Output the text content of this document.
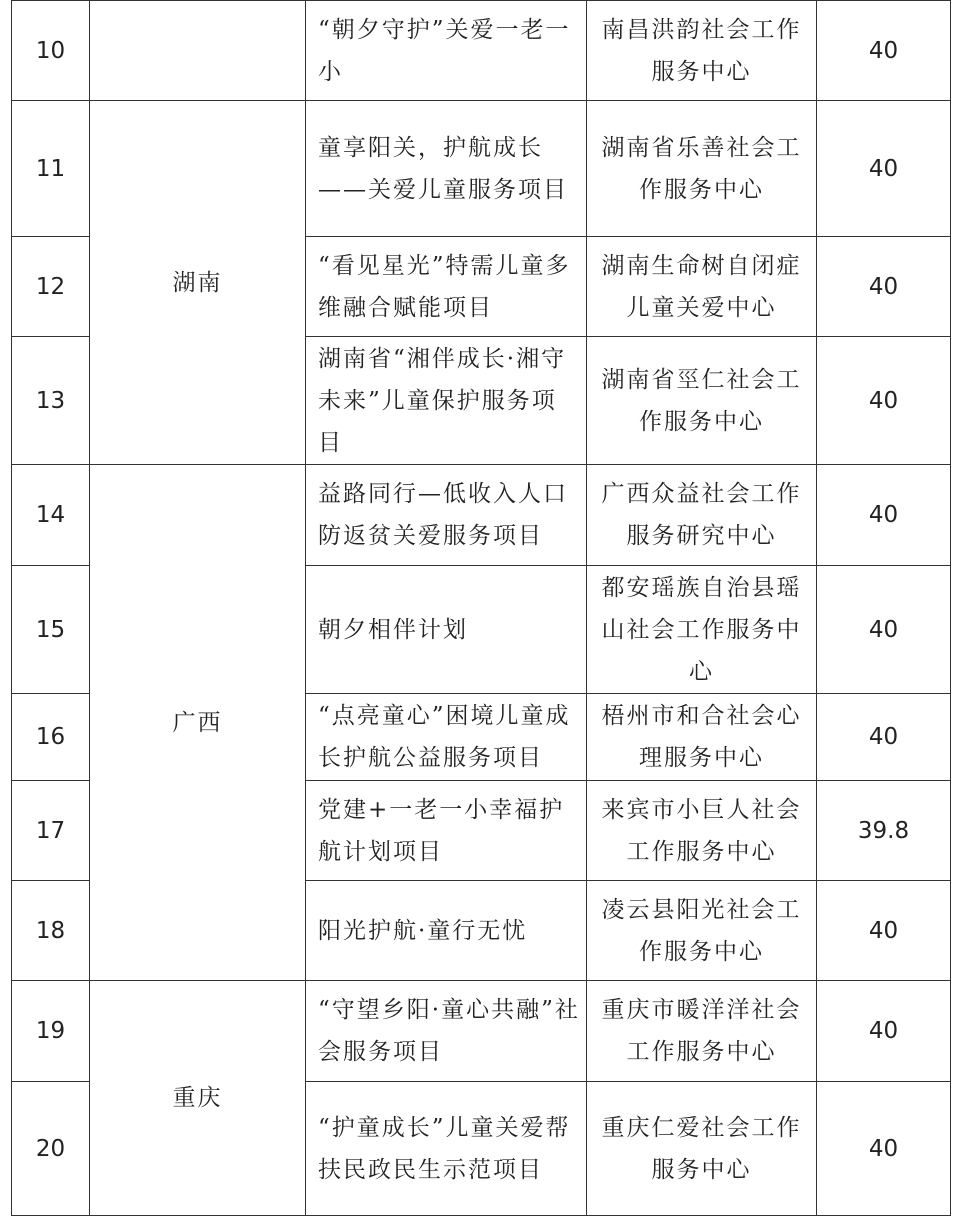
10		“朝夕守护”关爱一老一小	南昌洪韵社会工作服务中心	40
11	湖南	童享阳关，护航成长——关爱儿童服务项目	湖南省乐善社会工作服务中心	40
12		“看见星光”特需儿童多维融合赋能项目	湖南生命树自闭症儿童关爱中心	40
13		湖南省“湘伴成长·湘守未来”儿童保护服务项目	湖南省巠仁社会工作服务中心	40
14	广西	益路同行—低收入人口防返贫关爱服务项目	广西众益社会工作服务研究中心	40
15		朝夕相伴计划	都安瑶族自治县瑶山社会工作服务中心	40
16		“点亮童心”困境儿童成长护航公益服务项目	梧州市和合社会心理服务中心	40
17		党建+一老一小幸福护航计划项目	来宾市小巨人社会工作服务中心	39.8
18		阳光护航·童行无忧	凌云县阳光社会工作服务中心	40
19	重庆	“守望乡阳·童心共融”社会服务项目	重庆市暖洋洋社会工作服务中心	40
20		“护童成长”儿童关爱帮扶民政民生示范项目	重庆仁爱社会工作服务中心	40
